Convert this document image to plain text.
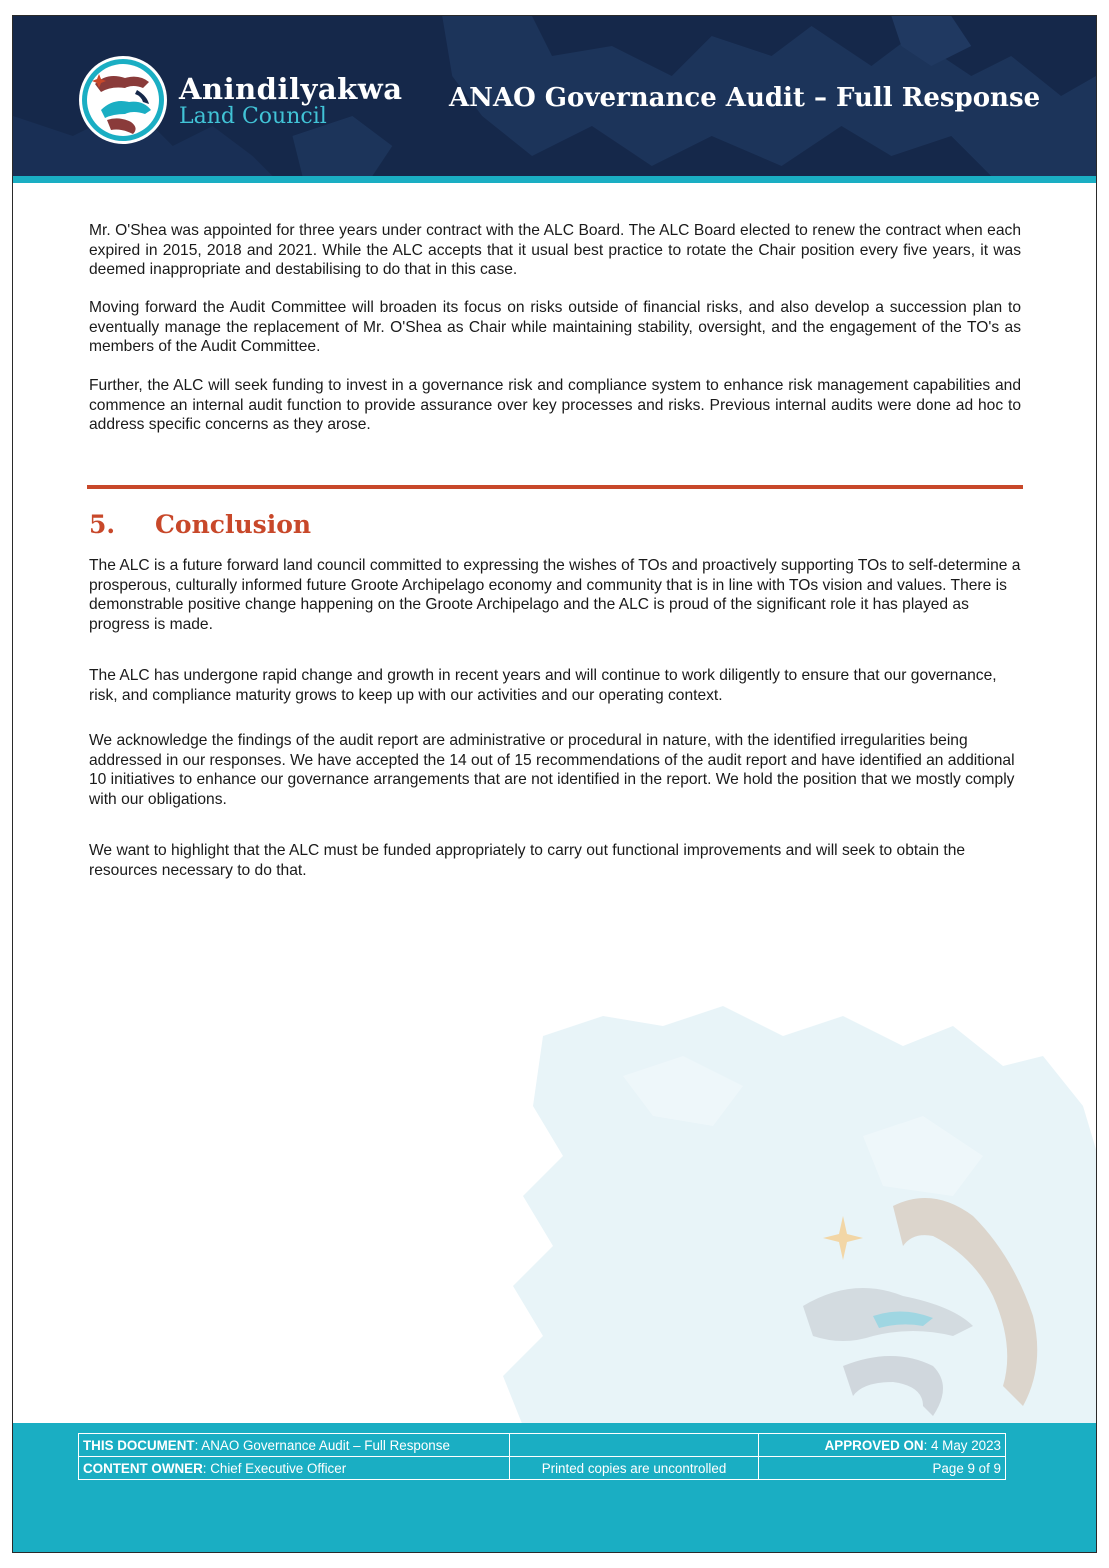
Anindilyakwa
Land Council
ANAO Governance Audit – Full Response

Mr. O'Shea was appointed for three years under contract with the ALC Board. The ALC Board elected to renew the contract when each expired in 2015, 2018 and 2021. While the ALC accepts that it usual best practice to rotate the Chair position every five years, it was deemed inappropriate and destabilising to do that in this case.

Moving forward the Audit Committee will broaden its focus on risks outside of financial risks, and also develop a succession plan to eventually manage the replacement of Mr. O'Shea as Chair while maintaining stability, oversight, and the engagement of the TO's as members of the Audit Committee.

Further, the ALC will seek funding to invest in a governance risk and compliance system to enhance risk management capabilities and commence an internal audit function to provide assurance over key processes and risks. Previous internal audits were done ad hoc to address specific concerns as they arose.

5. Conclusion

The ALC is a future forward land council committed to expressing the wishes of TOs and proactively supporting TOs to self-determine a prosperous, culturally informed future Groote Archipelago economy and community that is in line with TOs vision and values. There is demonstrable positive change happening on the Groote Archipelago and the ALC is proud of the significant role it has played as progress is made.

The ALC has undergone rapid change and growth in recent years and will continue to work diligently to ensure that our governance, risk, and compliance maturity grows to keep up with our activities and our operating context.

We acknowledge the findings of the audit report are administrative or procedural in nature, with the identified irregularities being addressed in our responses. We have accepted the 14 out of 15 recommendations of the audit report and have identified an additional 10 initiatives to enhance our governance arrangements that are not identified in the report. We hold the position that we mostly comply with our obligations.

We want to highlight that the ALC must be funded appropriately to carry out functional improvements and will seek to obtain the resources necessary to do that.

THIS DOCUMENT: ANAO Governance Audit – Full Response		APPROVED ON: 4 May 2023
CONTENT OWNER: Chief Executive Officer	Printed copies are uncontrolled	Page 9 of 9
